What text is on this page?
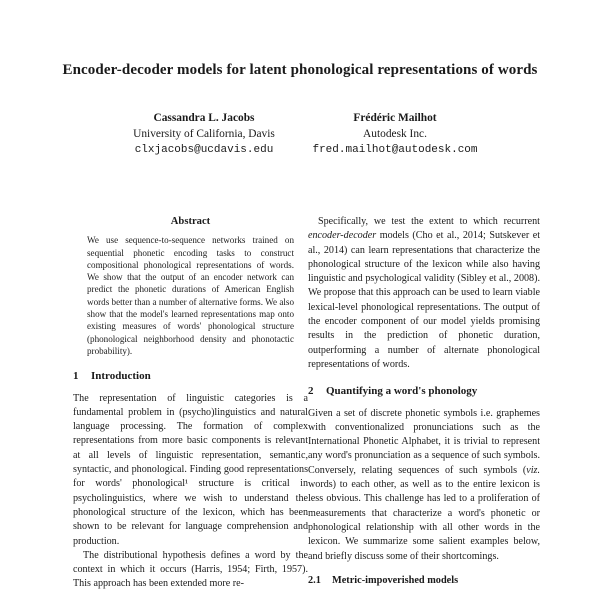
Encoder-decoder models for latent phonological representations of words
Cassandra L. Jacobs
University of California, Davis
clxjacobs@ucdavis.edu
Frédéric Mailhot
Autodesk Inc.
fred.mailhot@autodesk.com
Abstract
We use sequence-to-sequence networks trained on sequential phonetic encoding tasks to construct compositional phonological representations of words. We show that the output of an encoder network can predict the phonetic durations of American English words better than a number of alternative forms. We also show that the model's learned representations map onto existing measures of words' phonological structure (phonological neighborhood density and phonotactic probability).
1 Introduction

The representation of linguistic categories is a fundamental problem in (psycho)linguistics and natural language processing. The formation of complex representations from more basic components is relevant at all levels of linguistic representation, semantic, syntactic, and phonological. Finding good representations for words' phonological¹ structure is critical in psycholinguistics, where we wish to understand the phonological structure of the lexicon, which has been shown to be relevant for language comprehension and production.

The distributional hypothesis defines a word by the context in which it occurs (Harris, 1954; Firth, 1957). This approach has been extended more re-

Specifically, we test the extent to which recurrent encoder-decoder models (Cho et al., 2014; Sutskever et al., 2014) can learn representations that characterize the phonological structure of the lexicon while also having linguistic and psychological validity (Sibley et al., 2008). We propose that this approach can be used to learn viable lexical-level phonological representations. The output of the encoder component of our model yields promising results in the prediction of phonetic duration, outperforming a number of alternate phonological representations of words.

2 Quantifying a word's phonology

Given a set of discrete phonetic symbols i.e. graphemes with conventionalized pronunciations such as the International Phonetic Alphabet, it is trivial to represent any word's pronunciation as a sequence of such symbols. Conversely, relating sequences of such symbols (viz. words) to each other, as well as to the entire lexicon is less obvious. This challenge has led to a proliferation of measurements that characterize a word's phonetic or phonological relationship with all other words in the lexicon. We summarize some salient examples below, and briefly discuss some of their shortcomings.

2.1 Metric-impoverished models
